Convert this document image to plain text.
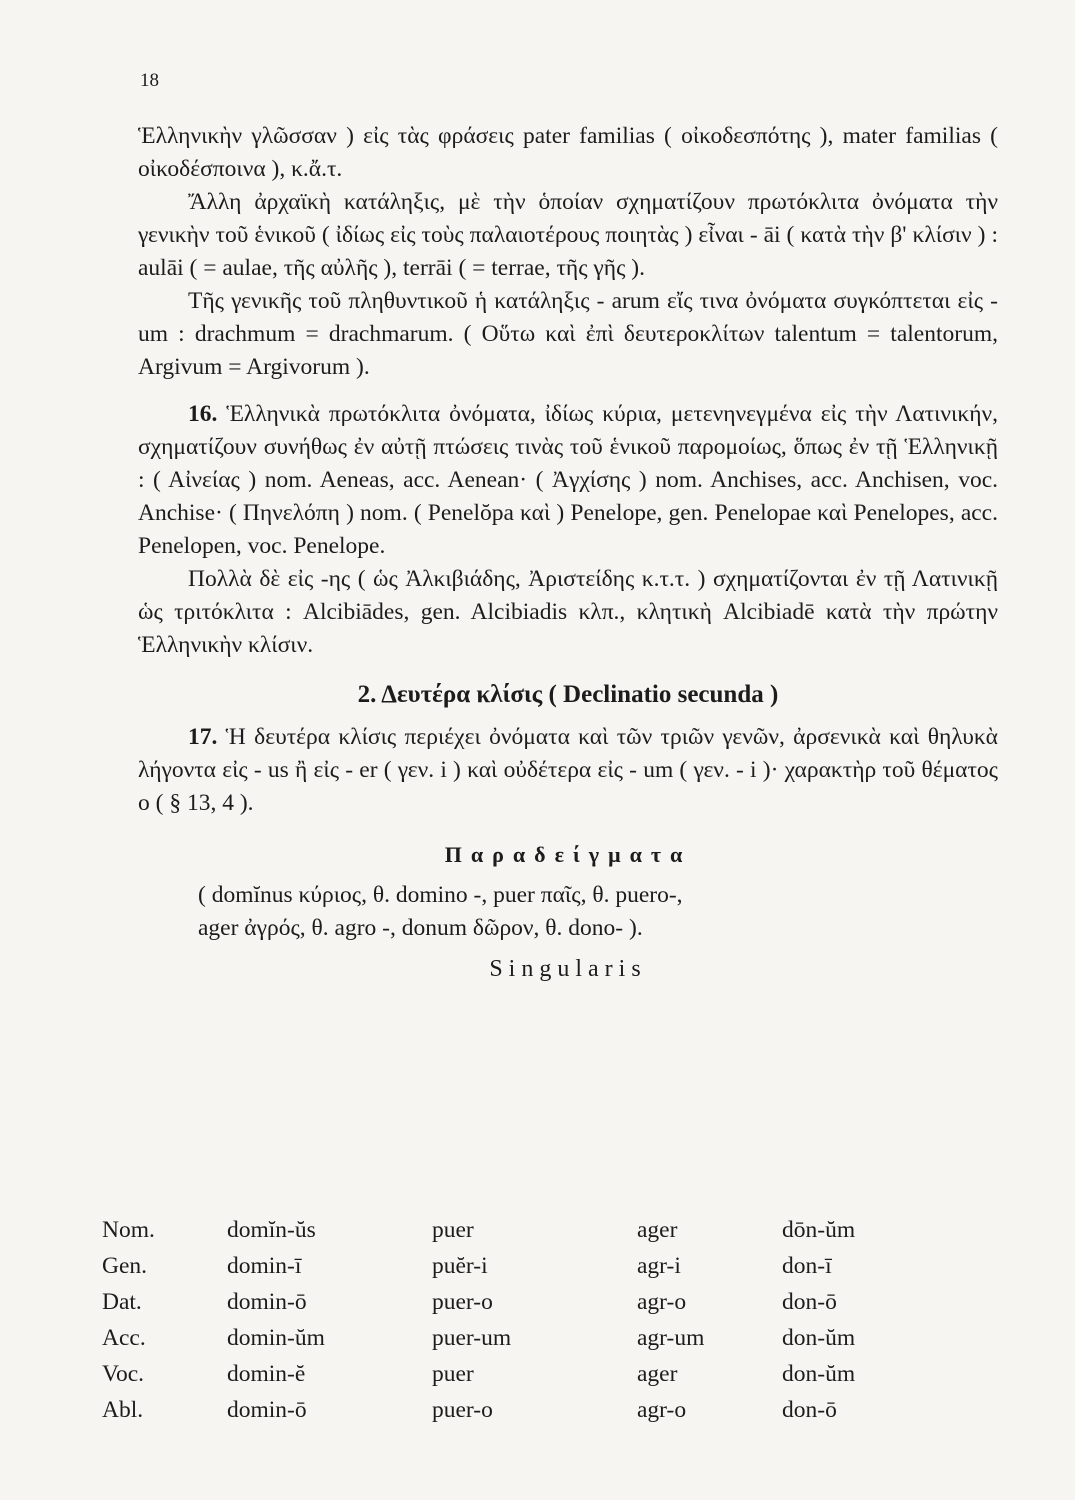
18

Ἑλληνικὴν γλῶσσαν ) εἰς τὰς φράσεις pater familias ( οἰκοδεσπότης ), mater familias ( οἰκοδέσποινα ), κ.ἄ.τ.

Ἄλλη ἀρχαϊκὴ κατάληξις, μὲ τὴν ὁποίαν σχηματίζουν πρωτόκλιτα ὀνόματα τὴν γενικὴν τοῦ ἑνικοῦ ( ἰδίως εἰς τοὺς παλαιοτέρους ποιητὰς ) εἶναι - āi ( κατὰ τὴν β' κλίσιν ) : aulāi ( = aulae, τῆς αὐλῆς ), terrāi ( = terrae, τῆς γῆς ).

Τῆς γενικῆς τοῦ πληθυντικοῦ ἡ κατάληξις - arum εἴς τινα ὀνόματα συγκόπτεται εἰς - um : drachmum = drachmarum. ( Οὕτω καὶ ἐπὶ δευτεροκλίτων talentum = talentorum, Argivum = Argivorum ).

16. Ἑλληνικὰ πρωτόκλιτα ὀνόματα, ἰδίως κύρια, μετενηνεγμένα εἰς τὴν Λατινικήν, σχηματίζουν συνήθως ἐν αὐτῇ πτώσεις τινὰς τοῦ ἑνικοῦ παρομοίως, ὅπως ἐν τῇ Ἑλληνικῇ : ( Αἰνείας ) nom. Aeneas, acc. Aenean· ( Ἀγχίσης ) nom. Anchises, acc. Anchisen, voc. Anchise· ( Πηνελόπη ) nom. ( Penelŏpa καὶ ) Penelope, gen. Penelopae καὶ Penelopes, acc. Penelopen, voc. Penelope.

Πολλὰ δὲ εἰς -ης ( ὡς Ἀλκιβιάδης, Ἀριστείδης κ.τ.τ. ) σχηματίζονται ἐν τῇ Λατινικῇ ὡς τριτόκλιτα : Alcibiādes, gen. Alcibiadis κλπ., κλητικὴ Alcibiadē κατὰ τὴν πρώτην Ἑλληνικὴν κλίσιν.

2. Δευτέρα κλίσις ( Declinatio secunda )

17. Ἡ δευτέρα κλίσις περιέχει ὀνόματα καὶ τῶν τριῶν γενῶν, ἀρσενικὰ καὶ θηλυκὰ λήγοντα εἰς - us ἢ εἰς - er ( γεν. i ) καὶ οὐδέτερα εἰς - um ( γεν. - i )· χαρακτὴρ τοῦ θέματος o ( § 13, 4 ).

Παραδείγματα
( domĭnus κύριος, θ. domino -, puer παῖς, θ. puero-,
ager ἀγρός, θ. agro -, donum δῶρον, θ. dono- ).
Singularis
Nom.	domĭn-ŭs	puer	ager	dōn-ŭm
Gen.	domin-ī	puĕr-i	agr-i	don-ī
Dat.	domin-ō	puer-o	agr-o	don-ō
Acc.	domin-ŭm	puer-um	agr-um	don-ŭm
Voc.	domin-ĕ	puer	ager	don-ŭm
Abl.	domin-ō	puer-o	agr-o	don-ō
